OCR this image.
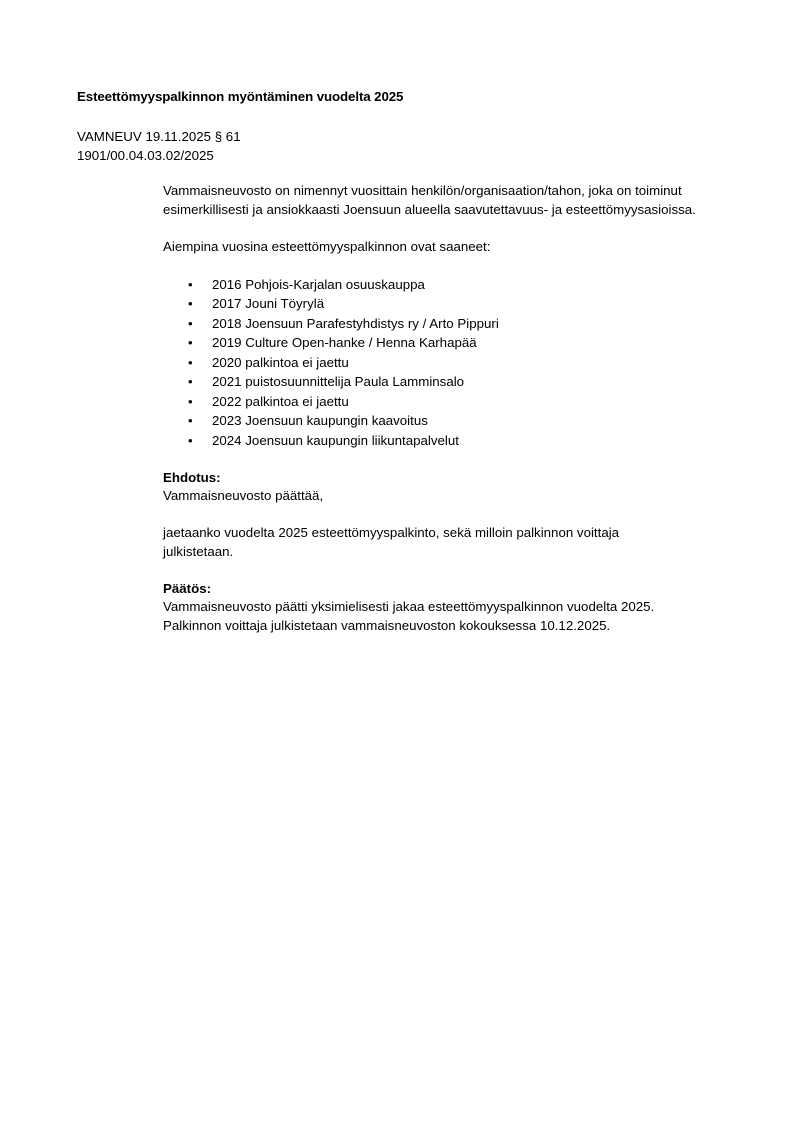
Esteettömyyspalkinnon myöntäminen vuodelta 2025
VAMNEUV 19.11.2025 § 61
1901/00.04.03.02/2025

Vammaisneuvosto on nimennyt vuosittain henkilön/organisaation/tahon, joka on toiminut esimerkillisesti ja ansiokkaasti Joensuun alueella saavutettavuus- ja esteettömyysasioissa.

Aiempina vuosina esteettömyyspalkinnon ovat saaneet:

• 2016 Pohjois-Karjalan osuuskauppa
• 2017 Jouni Töyrylä
• 2018 Joensuun Parafestyhdistys ry / Arto Pippuri
• 2019 Culture Open-hanke / Henna Karhapää
• 2020 palkintoa ei jaettu
• 2021 puistosuunnittelija Paula Lamminsalo
• 2022 palkintoa ei jaettu
• 2023 Joensuun kaupungin kaavoitus
• 2024 Joensuun kaupungin liikuntapalvelut

Ehdotus:

Vammaisneuvosto päättää,

jaetaanko vuodelta 2025 esteettömyyspalkinto, sekä milloin palkinnon voittaja julkistetaan.

Päätös:

Vammaisneuvosto päätti yksimielisesti jakaa esteettömyyspalkinnon vuodelta 2025.

Palkinnon voittaja julkistetaan vammaisneuvoston kokouksessa 10.12.2025.
